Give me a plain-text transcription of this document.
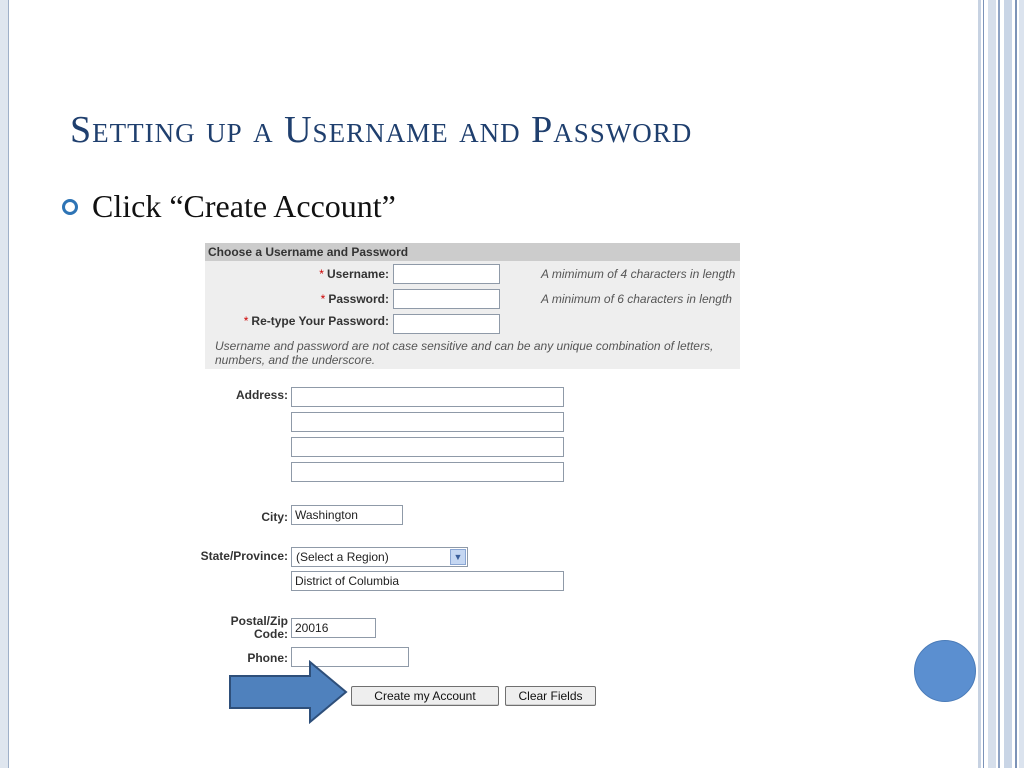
Setting up a Username and Password
Click “Create Account”
Choose a Username and Password
* Username:	A mimimum of 4 characters in length
* Password:	A minimum of 6 characters in length
* Re-type Your Password:
Username and password are not case sensitive and can be any unique combination of letters, numbers, and the underscore.
Address:
City: Washington
State/Province: (Select a Region)	▼
District of Columbia
Postal/Zip
Code: 20016
Phone:
Create my Account	Clear Fields
